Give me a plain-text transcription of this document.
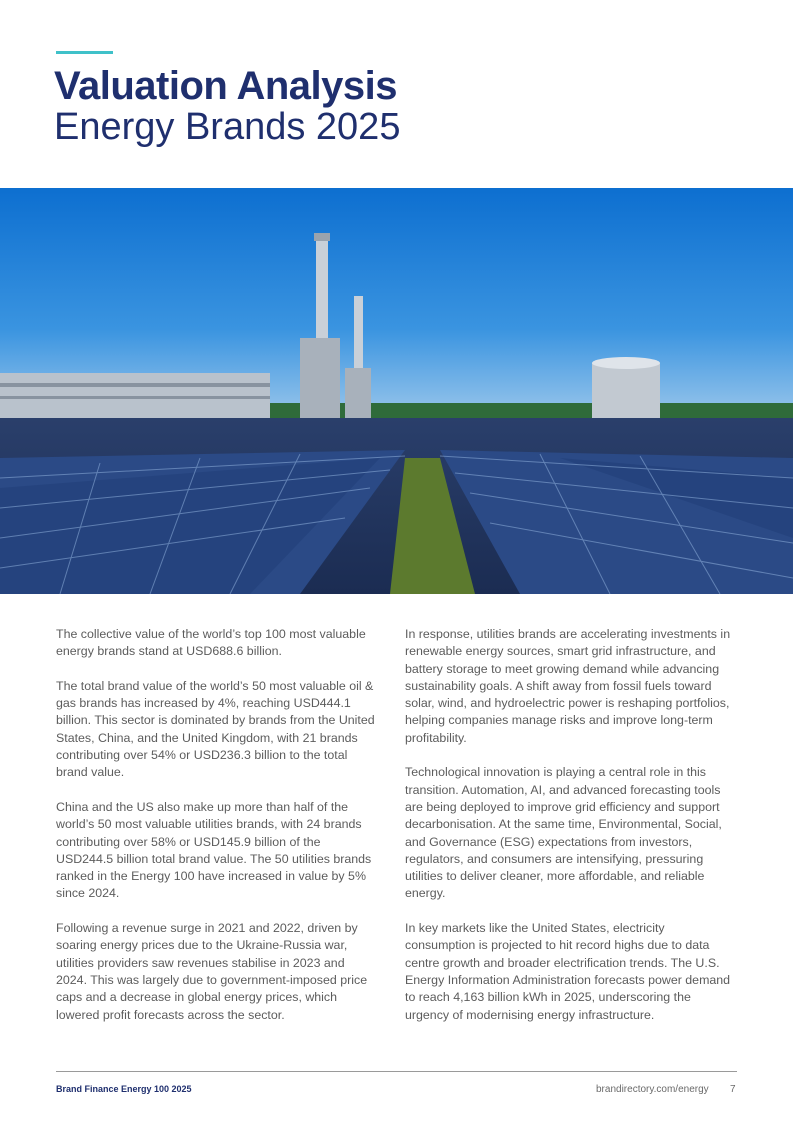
Valuation Analysis
Energy Brands 2025

The collective value of the world’s top 100 most valuable energy brands stand at USD688.6 billion.

The total brand value of the world’s 50 most valuable oil & gas brands has increased by 4%, reaching USD444.1 billion. This sector is dominated by brands from the United States, China, and the United Kingdom, with 21 brands contributing over 54% or USD236.3 billion to the total brand value.

China and the US also make up more than half of the world’s 50 most valuable utilities brands, with 24 brands contributing over 58% or USD145.9 billion of the USD244.5 billion total brand value. The 50 utilities brands ranked in the Energy 100 have increased in value by 5% since 2024.

Following a revenue surge in 2021 and 2022, driven by soaring energy prices due to the Ukraine-Russia war, utilities providers saw revenues stabilise in 2023 and 2024. This was largely due to government-imposed price caps and a decrease in global energy prices, which lowered profit forecasts across the sector.

In response, utilities brands are accelerating investments in renewable energy sources, smart grid infrastructure, and battery storage to meet growing demand while advancing sustainability goals. A shift away from fossil fuels toward solar, wind, and hydroelectric power is reshaping portfolios, helping companies manage risks and improve long-term profitability.

Technological innovation is playing a central role in this transition. Automation, AI, and advanced forecasting tools are being deployed to improve grid efficiency and support decarbonisation. At the same time, Environmental, Social, and Governance (ESG) expectations from investors, regulators, and consumers are intensifying, pressuring utilities to deliver cleaner, more affordable, and reliable energy.

In key markets like the United States, electricity consumption is projected to hit record highs due to data centre growth and broader electrification trends. The U.S. Energy Information Administration forecasts power demand to reach 4,163 billion kWh in 2025, underscoring the urgency of modernising energy infrastructure.

Brand Finance Energy 100 2025	brandirectory.com/energy 7
